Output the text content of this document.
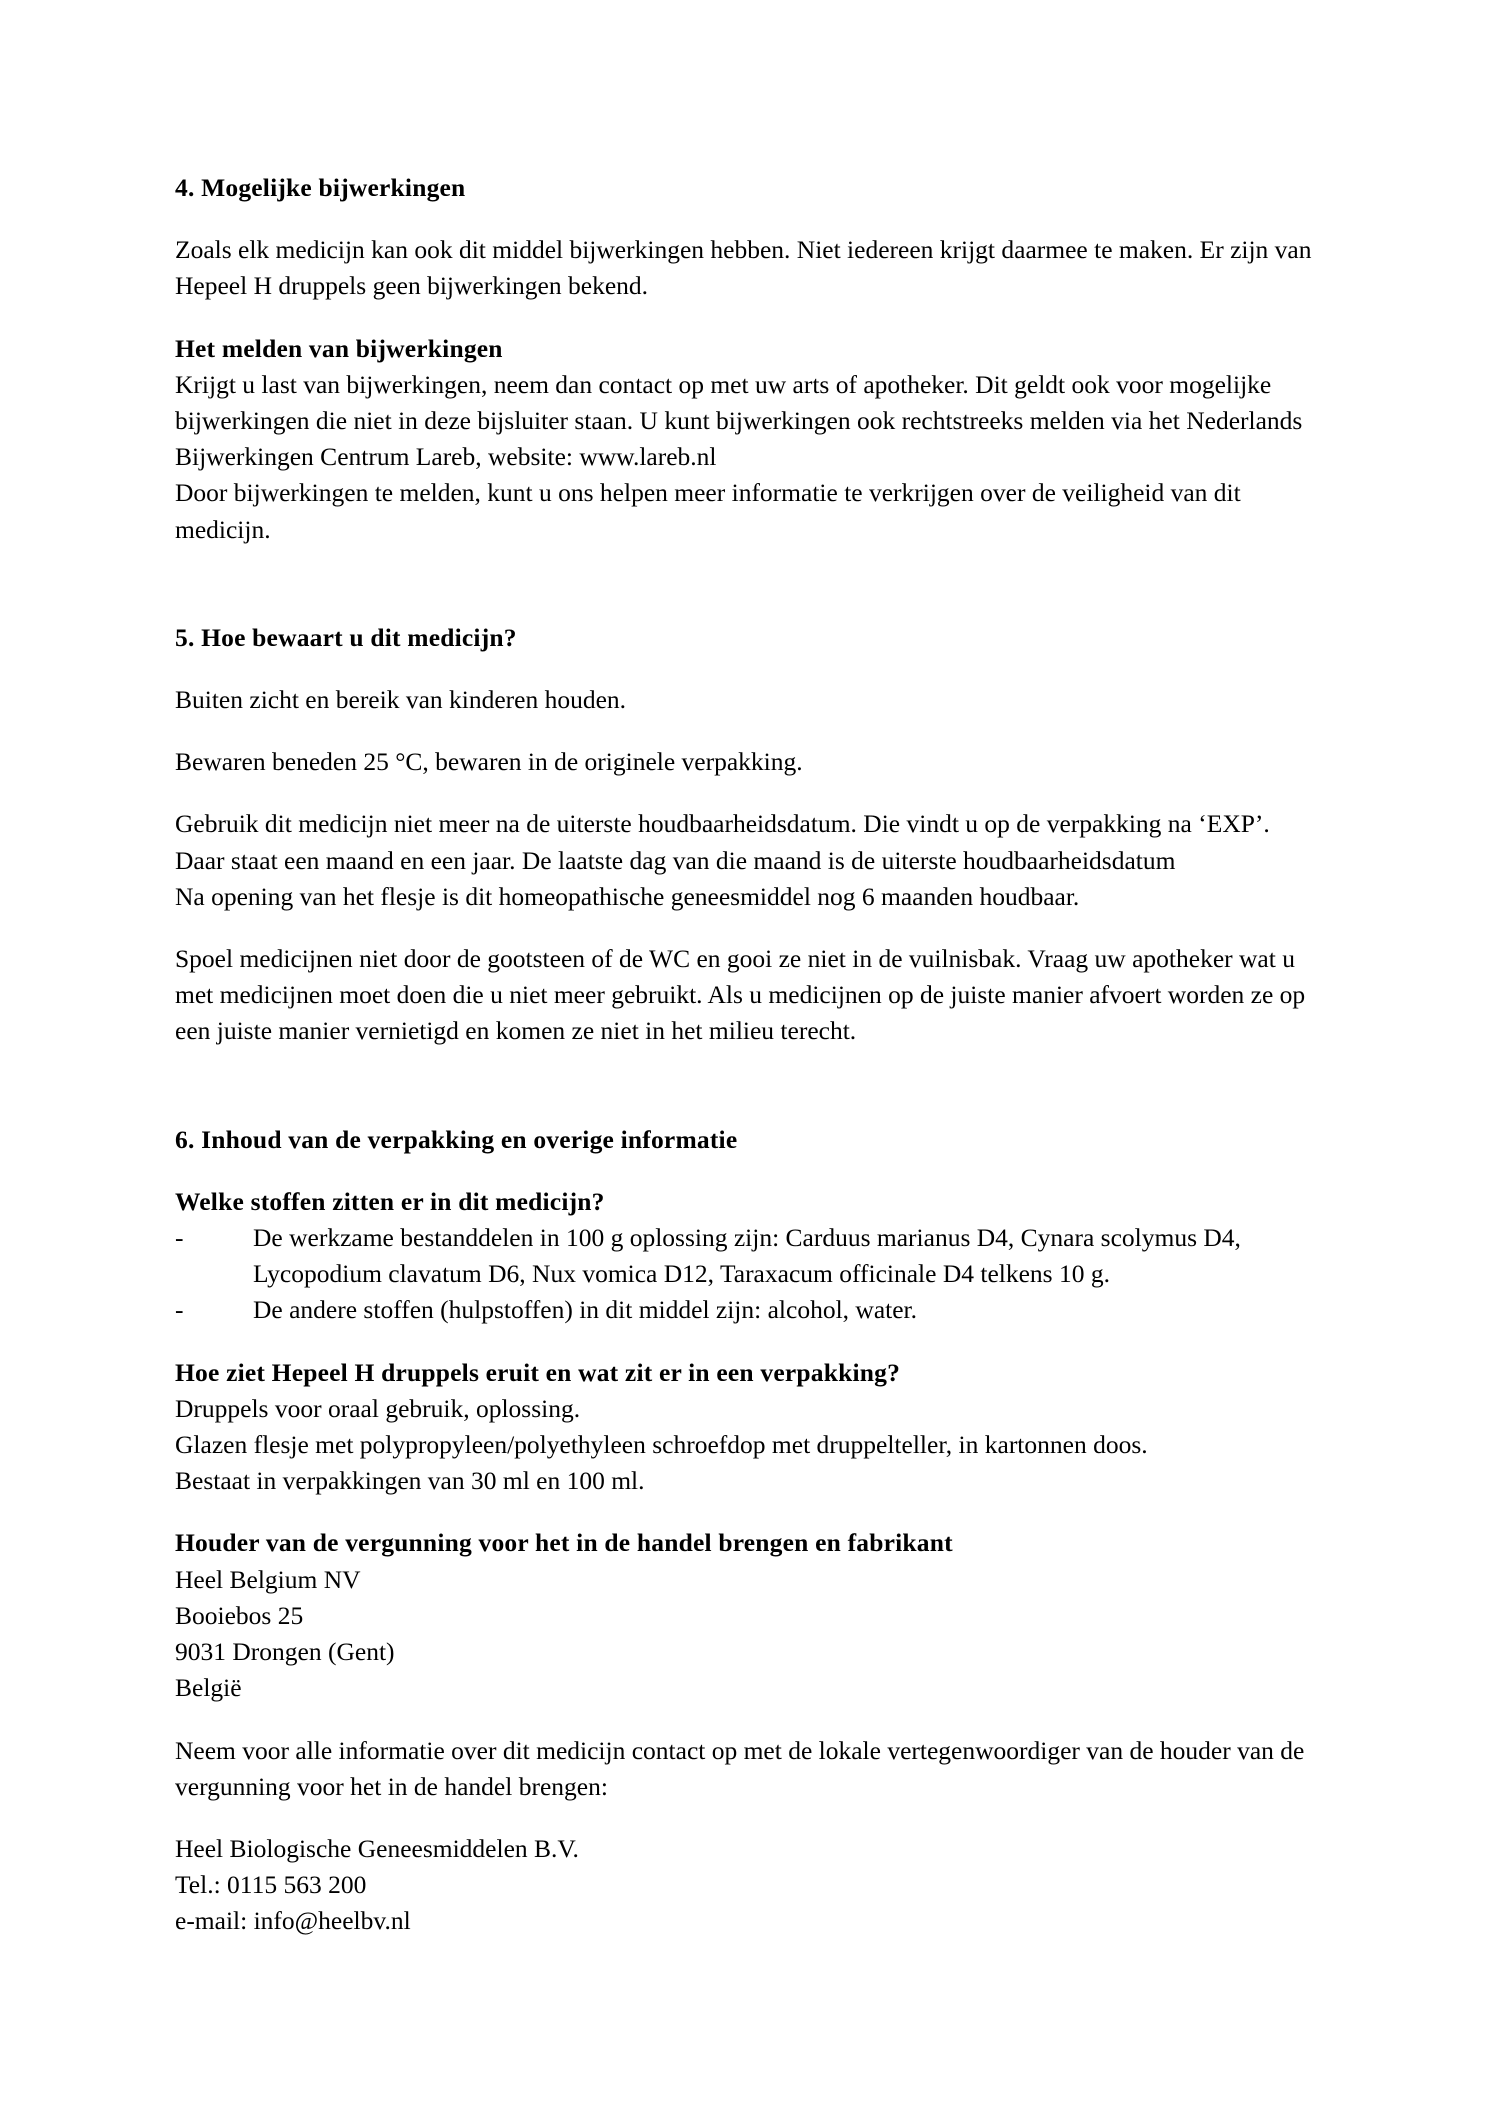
4. Mogelijke bijwerkingen

Zoals elk medicijn kan ook dit middel bijwerkingen hebben. Niet iedereen krijgt daarmee te maken. Er zijn van Hepeel H druppels geen bijwerkingen bekend.

Het melden van bijwerkingen

Krijgt u last van bijwerkingen, neem dan contact op met uw arts of apotheker. Dit geldt ook voor mogelijke bijwerkingen die niet in deze bijsluiter staan. U kunt bijwerkingen ook rechtstreeks melden via het Nederlands Bijwerkingen Centrum Lareb, website: www.lareb.nl

Door bijwerkingen te melden, kunt u ons helpen meer informatie te verkrijgen over de veiligheid van dit medicijn.

5. Hoe bewaart u dit medicijn?

Buiten zicht en bereik van kinderen houden.

Bewaren beneden 25 °C, bewaren in de originele verpakking.

Gebruik dit medicijn niet meer na de uiterste houdbaarheidsdatum. Die vindt u op de verpakking na ‘EXP’. Daar staat een maand en een jaar. De laatste dag van die maand is de uiterste houdbaarheidsdatum

Na opening van het flesje is dit homeopathische geneesmiddel nog 6 maanden houdbaar.

Spoel medicijnen niet door de gootsteen of de WC en gooi ze niet in de vuilnisbak. Vraag uw apotheker wat u met medicijnen moet doen die u niet meer gebruikt. Als u medicijnen op de juiste manier afvoert worden ze op een juiste manier vernietigd en komen ze niet in het milieu terecht.

6. Inhoud van de verpakking en overige informatie
Welke stoffen zitten er in dit medicijn?
-	De werkzame bestanddelen in 100 g oplossing zijn: Carduus marianus D4, Cynara scolymus D4, Lycopodium clavatum D6, Nux vomica D12, Taraxacum officinale D4 telkens 10 g.
-	De andere stoffen (hulpstoffen) in dit middel zijn: alcohol, water.
Hoe ziet Hepeel H druppels eruit en wat zit er in een verpakking?

Druppels voor oraal gebruik, oplossing.

Glazen flesje met polypropyleen/polyethyleen schroefdop met druppelteller, in kartonnen doos.

Bestaat in verpakkingen van 30 ml en 100 ml.

Houder van de vergunning voor het in de handel brengen en fabrikant

Heel Belgium NV

Booiebos 25

9031 Drongen (Gent)

België

Neem voor alle informatie over dit medicijn contact op met de lokale vertegenwoordiger van de houder van de vergunning voor het in de handel brengen:

Heel Biologische Geneesmiddelen B.V.

Tel.: 0115 563 200

e-mail: info@heelbv.nl
